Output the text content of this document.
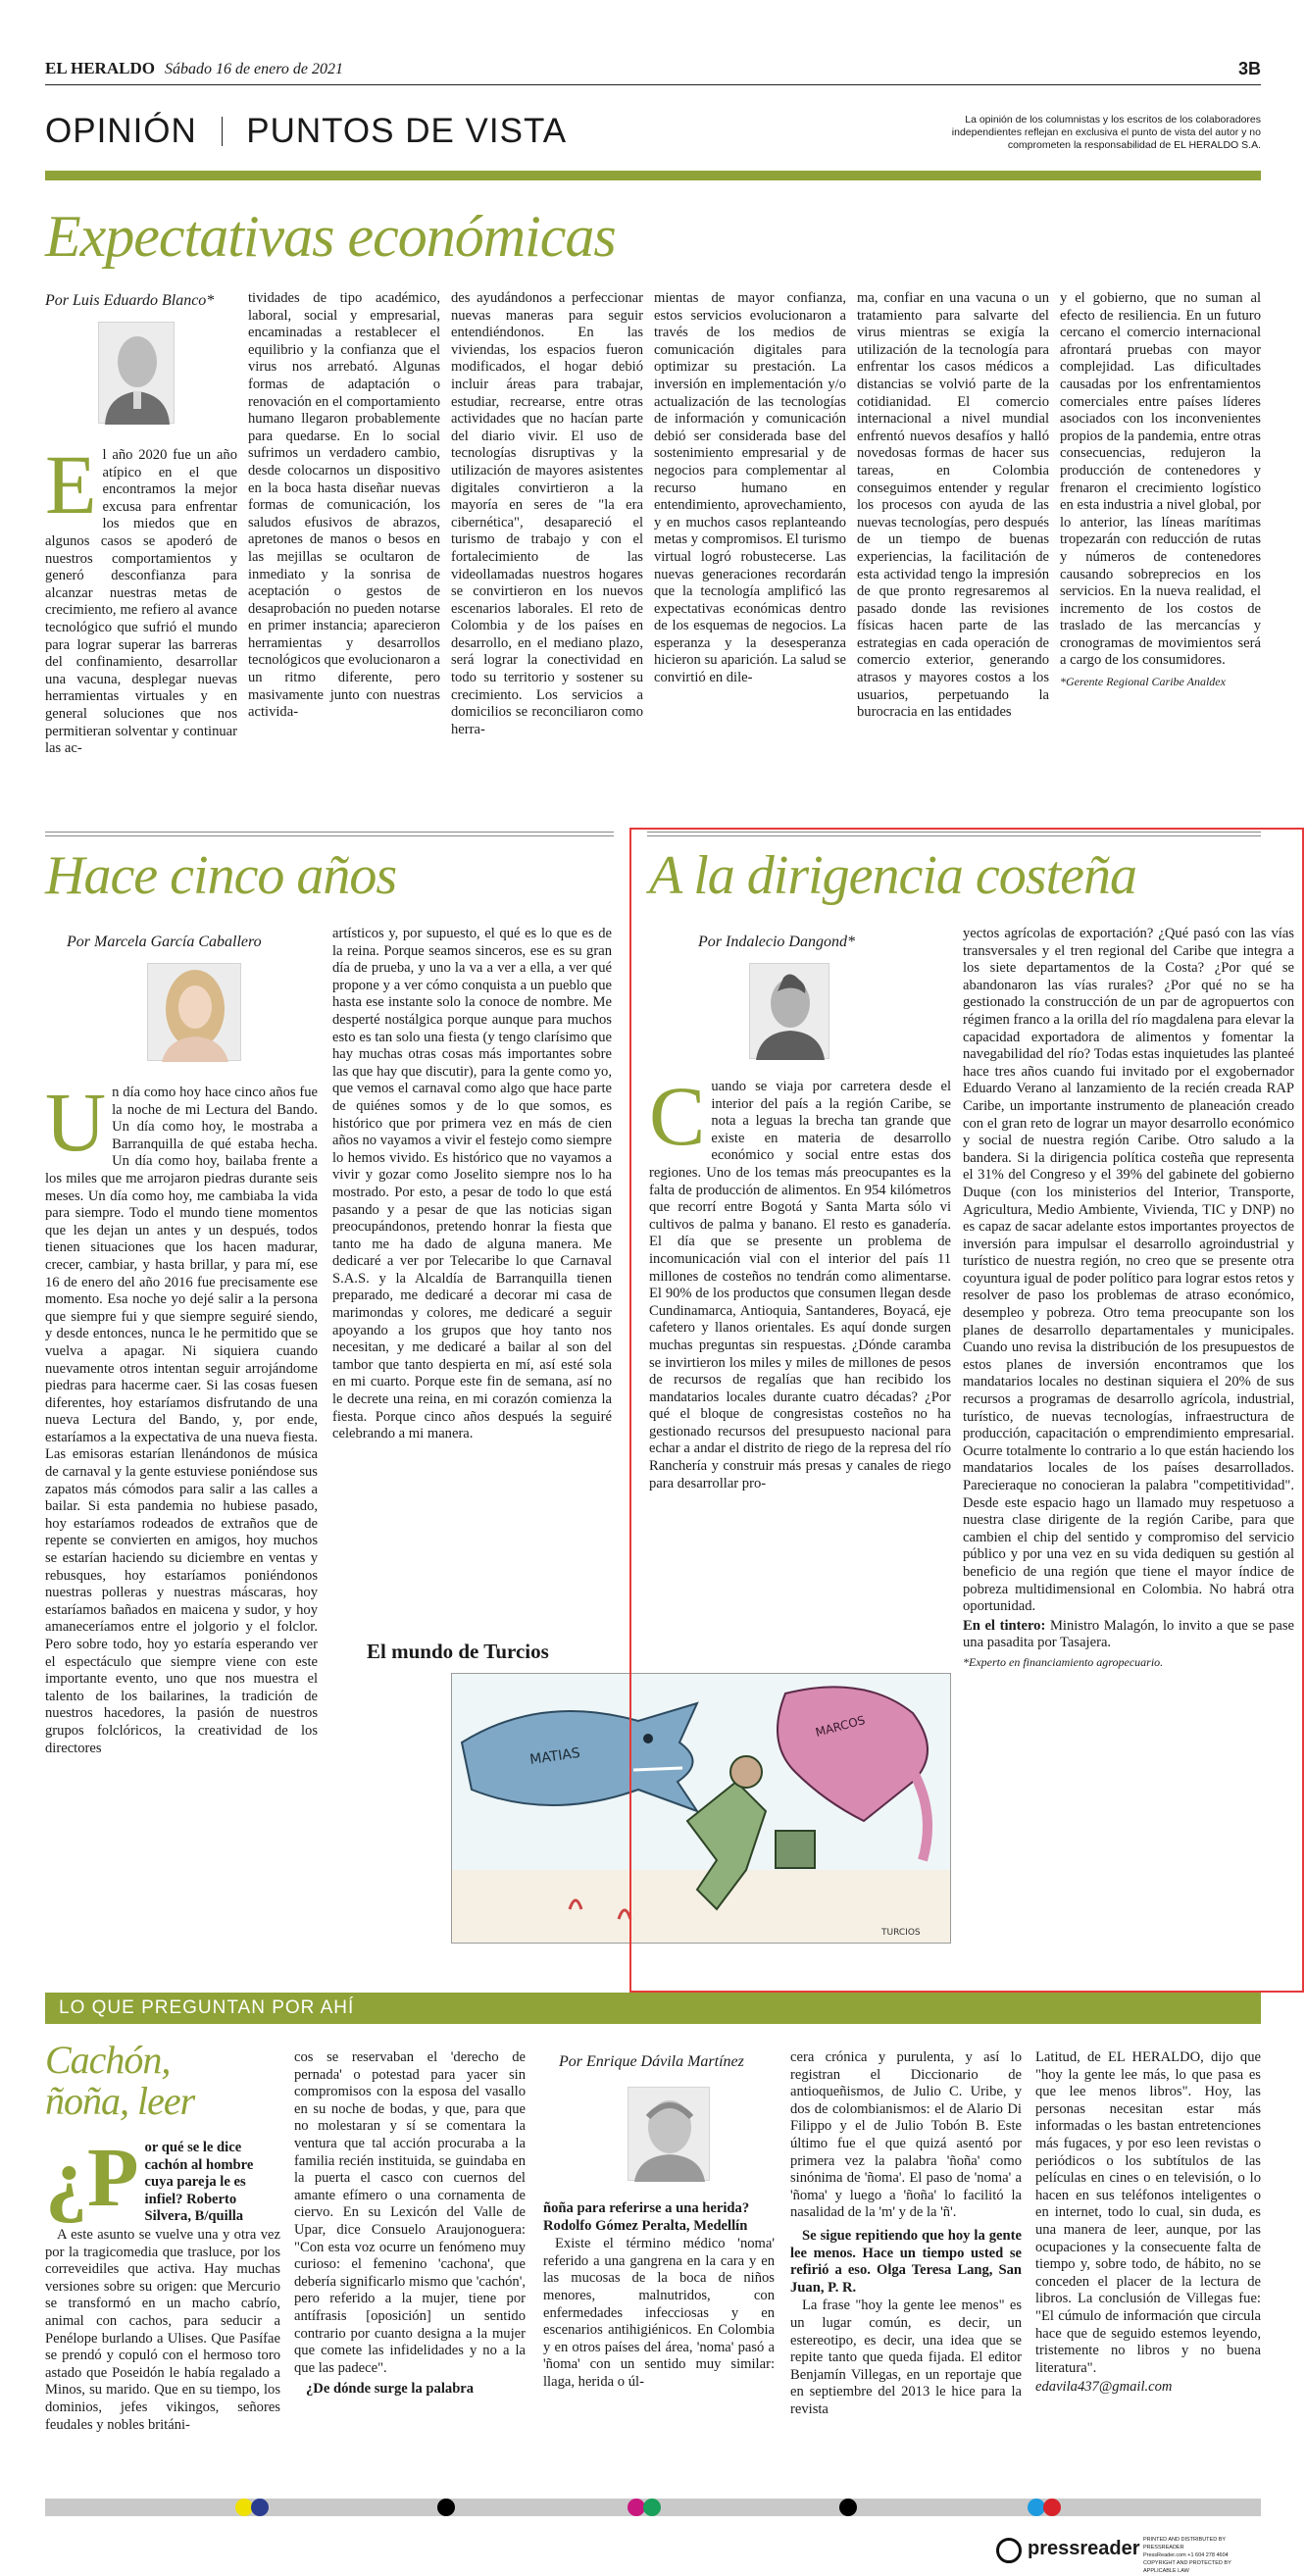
EL HERALDO Sábado 16 de enero de 2021	3B
OPINIÓN PUNTOS DE VISTA	La opinión de los columnistas y los escritos de los colaboradores independientes reflejan en exclusiva el punto de vista del autor y no comprometen la responsabilidad de EL HERALDO S.A.
Expectativas económicas
Por Luis Eduardo Blanco*

El año 2020 fue un año atípico en el que encontramos la mejor excusa para enfrentar los miedos que en algunos casos se apoderó de nuestros comportamientos y generó desconfianza para alcanzar nuestras metas de crecimiento, me refiero al avance tecnológico que sufrió el mundo para lograr superar las barreras del confinamiento, desarrollar una vacuna, desplegar nuevas herramientas virtuales y en general soluciones que nos permitieran solventar y continuar las ac-

tividades de tipo académico, laboral, social y empresarial, encaminadas a restablecer el equilibrio y la confianza que el virus nos arrebató. Algunas formas de adaptación o renovación en el comportamiento humano llegaron probablemente para quedarse. En lo social sufrimos un verdadero cambio, desde colocarnos un dispositivo en la boca hasta diseñar nuevas formas de comunicación, los saludos efusivos de abrazos, apretones de manos o besos en las mejillas se ocultaron de inmediato y la sonrisa de aceptación o gestos de desaprobación no pueden notarse en primer instancia; aparecieron herramientas y desarrollos tecnológicos que evolucionaron a un ritmo diferente, pero masivamente junto con nuestras activida-

des ayudándonos a perfeccionar nuevas maneras para seguir entendiéndonos. En las viviendas, los espacios fueron modificados, el hogar debió incluir áreas para trabajar, estudiar, recrearse, entre otras actividades que no hacían parte del diario vivir. El uso de tecnologías disruptivas y la utilización de mayores asistentes digitales convirtieron a la mayoría en seres de "la era cibernética", desapareció el turismo de trabajo y con el fortalecimiento de las videollamadas nuestros hogares se convirtieron en los nuevos escenarios laborales. El reto de Colombia y de los países en desarrollo, en el mediano plazo, será lograr la conectividad en todo su territorio y sostener su crecimiento. Los servicios a domicilios se reconciliaron como herra-

mientas de mayor confianza, estos servicios evolucionaron a través de los medios de comunicación digitales para optimizar su prestación. La inversión en implementación y/o actualización de las tecnologías de información y comunicación debió ser considerada base del sostenimiento empresarial y de negocios para complementar al recurso humano en entendimiento, aprovechamiento, y en muchos casos replanteando metas y compromisos. El turismo virtual logró robustecerse. Las nuevas generaciones recordarán que la tecnología amplificó las expectativas económicas dentro de los esquemas de negocios. La esperanza y la desesperanza hicieron su aparición. La salud se convirtió en dile-

ma, confiar en una vacuna o un tratamiento para salvarte del virus mientras se exigía la utilización de la tecnología para enfrentar los casos médicos a distancias se volvió parte de la cotidianidad. El comercio internacional a nivel mundial enfrentó nuevos desafíos y halló novedosas formas de hacer sus tareas, en Colombia conseguimos entender y regular los procesos con ayuda de las nuevas tecnologías, pero después de un tiempo de buenas experiencias, la facilitación de esta actividad tengo la impresión de que pronto regresaremos al pasado donde las revisiones físicas hacen parte de las estrategias en cada operación de comercio exterior, generando atrasos y mayores costos a los usuarios, perpetuando la burocracia en las entidades

y el gobierno, que no suman al efecto de resiliencia. En un futuro cercano el comercio internacional afrontará pruebas con mayor complejidad. Las dificultades causadas por los enfrentamientos comerciales entre países líderes asociados con los inconvenientes propios de la pandemia, entre otras consecuencias, redujeron la producción de contenedores y frenaron el crecimiento logístico en esta industria a nivel global, por lo anterior, las líneas marítimas tropezarán con reducción de rutas y números de contenedores causando sobreprecios en los servicios. En la nueva realidad, el incremento de los costos de traslado de las mercancías y cronogramas de movimientos será a cargo de los consumidores.

*Gerente Regional Caribe Analdex

Hace cinco años
Por Marcela García Caballero

Un día como hoy hace cinco años fue la noche de mi Lectura del Bando. Un día como hoy, le mostraba a Barranquilla de qué estaba hecha. Un día como hoy, bailaba frente a los miles que me arrojaron piedras durante seis meses. Un día como hoy, me cambiaba la vida para siempre. Todo el mundo tiene momentos que les dejan un antes y un después, todos tienen situaciones que los hacen madurar, crecer, cambiar, y hasta brillar, y para mí, ese 16 de enero del año 2016 fue precisamente ese momento. Esa noche yo dejé salir a la persona que siempre fui y que siempre seguiré siendo, y desde entonces, nunca le he permitido que se vuelva a apagar. Ni siquiera cuando nuevamente otros intentan seguir arrojándome piedras para hacerme caer. Si las cosas fuesen diferentes, hoy estaríamos disfrutando de una nueva Lectura del Bando, y, por ende, estaríamos a la expectativa de una nueva fiesta. Las emisoras estarían llenándonos de música de carnaval y la gente estuviese poniéndose sus zapatos más cómodos para salir a las calles a bailar. Si esta pandemia no hubiese pasado, hoy estaríamos rodeados de extraños que de repente se convierten en amigos, hoy muchos se estarían haciendo su diciembre en ventas y rebusques, hoy estaríamos poniéndonos nuestras polleras y nuestras máscaras, hoy estaríamos bañados en maicena y sudor, y hoy amaneceríamos entre el jolgorio y el folclor. Pero sobre todo, hoy yo estaría esperando ver el espectáculo que siempre viene con este importante evento, uno que nos muestra el talento de los bailarines, la tradición de nuestros hacedores, la pasión de nuestros grupos folclóricos, la creatividad de los directores

artísticos y, por supuesto, el qué es lo que es de la reina. Porque seamos sinceros, ese es su gran día de prueba, y uno la va a ver a ella, a ver qué propone y a ver cómo conquista a un pueblo que hasta ese instante solo la conoce de nombre. Me desperté nostálgica porque aunque para muchos esto es tan solo una fiesta (y tengo clarísimo que hay muchas otras cosas más importantes sobre las que hay que discutir), para la gente como yo, que vemos el carnaval como algo que hace parte de quiénes somos y de lo que somos, es histórico que por primera vez en más de cien años no vayamos a vivir el festejo como siempre lo hemos vivido. Es histórico que no vayamos a vivir y gozar como Joselito siempre nos lo ha mostrado. Por esto, a pesar de todo lo que está pasando y a pesar de que las noticias sigan preocupándonos, pretendo honrar la fiesta que tanto me ha dado de alguna manera. Me dedicaré a ver por Telecaribe lo que Carnaval S.A.S. y la Alcaldía de Barranquilla tienen preparado, me dedicaré a decorar mi casa de marimondas y colores, me dedicaré a seguir apoyando a los grupos que hoy tanto nos necesitan, y me dedicaré a bailar al son del tambor que tanto despierta en mí, así esté sola en mi cuarto. Porque este fin de semana, así no le decrete una reina, en mi corazón comienza la fiesta. Porque cinco años después la seguiré celebrando a mi manera.

El mundo de Turcios
MATIAS
MARCOS
TURCIOS
A la dirigencia costeña
Por Indalecio Dangond*

Cuando se viaja por carretera desde el interior del país a la región Caribe, se nota a leguas la brecha tan grande que existe en materia de desarrollo económico y social entre estas dos regiones. Uno de los temas más preocupantes es la falta de producción de alimentos. En 954 kilómetros que recorrí entre Bogotá y Santa Marta sólo vi cultivos de palma y banano. El resto es ganadería. El día que se presente un problema de incomunicación vial con el interior del país 11 millones de costeños no tendrán como alimentarse. El 90% de los productos que consumen llegan desde Cundinamarca, Antioquia, Santanderes, Boyacá, eje cafetero y llanos orientales. Es aquí donde surgen muchas preguntas sin respuestas. ¿Dónde caramba se invirtieron los miles y miles de millones de pesos de recursos de regalías que han recibido los mandatarios locales durante cuatro décadas? ¿Por qué el bloque de congresistas costeños no ha gestionado recursos del presupuesto nacional para echar a andar el distrito de riego de la represa del río Ranchería y construir más presas y canales de riego para desarrollar pro-

yectos agrícolas de exportación? ¿Qué pasó con las vías transversales y el tren regional del Caribe que integra a los siete departamentos de la Costa? ¿Por qué se abandonaron las vías rurales? ¿Por qué no se ha gestionado la construcción de un par de agropuertos con régimen franco a la orilla del río magdalena para elevar la capacidad exportadora de alimentos y fomentar la navegabilidad del río? Todas estas inquietudes las planteé hace tres años cuando fui invitado por el exgobernador Eduardo Verano al lanzamiento de la recién creada RAP Caribe, un importante instrumento de planeación creado con el gran reto de lograr un mayor desarrollo económico y social de nuestra región Caribe. Otro saludo a la bandera. Si la dirigencia política costeña que representa el 31% del Congreso y el 39% del gabinete del gobierno Duque (con los ministerios del Interior, Transporte, Agricultura, Medio Ambiente, Vivienda, TIC y DNP) no es capaz de sacar adelante estos importantes proyectos de inversión para impulsar el desarrollo agroindustrial y turístico de nuestra región, no creo que se presente otra coyuntura igual de poder político para lograr estos retos y resolver de paso los problemas de atraso económico, desempleo y pobreza. Otro tema preocupante son los planes de desarrollo departamentales y municipales. Cuando uno revisa la distribución de los presupuestos de estos planes de inversión encontramos que los mandatarios locales no destinan siquiera el 20% de sus recursos a programas de desarrollo agrícola, industrial, turístico, de nuevas tecnologías, infraestructura de producción, capacitación o emprendimiento empresarial. Ocurre totalmente lo contrario a lo que están haciendo los mandatarios locales de los países desarrollados. Parecieraque no conocieran la palabra "competitividad". Desde este espacio hago un llamado muy respetuoso a nuestra clase dirigente de la región Caribe, para que cambien el chip del sentido y compromiso del servicio público y por una vez en su vida dediquen su gestión al beneficio de una región que tiene el mayor índice de pobreza multidimensional en Colombia. No habrá otra oportunidad.

En el tintero: Ministro Malagón, lo invito a que se pase una pasadita por Tasajera.

*Experto en financiamiento agropecuario.

LO QUE PREGUNTAN POR AHÍ
Cachón,
ñoña, leer

¿Por qué se le dice cachón al hombre cuya pareja le es infiel? Roberto Silvera, B/quilla

A este asunto se vuelve una y otra vez por la tragicomedia que trasluce, por los correveidiles que activa. Hay muchas versiones sobre su origen: que Mercurio se transformó en un macho cabrío, animal con cachos, para seducir a Penélope burlando a Ulises. Que Pasífae se prendó y copuló con el hermoso toro astado que Poseidón le había regalado a Minos, su marido. Que en su tiempo, los dominios, jefes vikingos, señores feudales y nobles británi-

cos se reservaban el 'derecho de pernada' o potestad para yacer sin compromisos con la esposa del vasallo en su noche de bodas, y que, para que no molestaran y sí se comentara la ventura que tal acción procuraba a la familia recién instituida, se guindaba en la puerta el casco con cuernos del amante efímero o una cornamenta de ciervo. En su Lexicón del Valle de Upar, dice Consuelo Araujonoguera: "Con esta voz ocurre un fenómeno muy curioso: el femenino 'cachona', que debería significarlo mismo que 'cachón', pero referido a la mujer, tiene por antífrasis [oposición] un sentido contrario por cuanto designa a la mujer que comete las infidelidades y no a la que las padece".

¿De dónde surge la palabra

Por Enrique Dávila Martínez

ñoña para referirse a una herida? Rodolfo Gómez Peralta, Medellín

Existe el término médico 'noma' referido a una gangrena en la cara y en las mucosas de la boca de niños menores, malnutridos, con enfermedades infecciosas y en escenarios antihigiénicos. En Colombia y en otros países del área, 'noma' pasó a 'ñoma' con un sentido muy similar: llaga, herida o úl-

cera crónica y purulenta, y así lo registran el Diccionario de antioqueñismos, de Julio C. Uribe, y dos de colombianismos: el de Alario Di Filippo y el de Julio Tobón B. Este último fue el que quizá asentó por primera vez la palabra 'ñoña' como sinónima de 'ñoma'. El paso de 'noma' a 'ñoma' y luego a 'ñoña' lo facilitó la nasalidad de la 'm' y de la 'ñ'.

Se sigue repitiendo que hoy la gente lee menos. Hace un tiempo usted se refirió a eso. Olga Teresa Lang, San Juan, P. R.

La frase "hoy la gente lee menos" es un lugar común, es decir, un estereotipo, es decir, una idea que se repite tanto que queda fijada. El editor Benjamín Villegas, en un reportaje que en septiembre del 2013 le hice para la revista

Latitud, de EL HERALDO, dijo que "hoy la gente lee más, lo que pasa es que lee menos libros". Hoy, las personas necesitan estar más informadas o les bastan entretenciones más fugaces, y por eso leen revistas o periódicos o los subtítulos de las películas en cines o en televisión, o lo hacen en sus teléfonos inteligentes o en internet, todo lo cual, sin duda, es una manera de leer, aunque, por las ocupaciones y la consecuente falta de tiempo y, sobre todo, de hábito, no se conceden el placer de la lectura de libros. La conclusión de Villegas fue: "El cúmulo de información que circula hace que de seguido estemos leyendo, tristemente no libros y no buena literatura".

edavila437@gmail.com

pressreader PRINTED AND DISTRIBUTED BY PRESSREADER
PressReader.com +1 604 278 4604
COPYRIGHT AND PROTECTED BY APPLICABLE LAW
